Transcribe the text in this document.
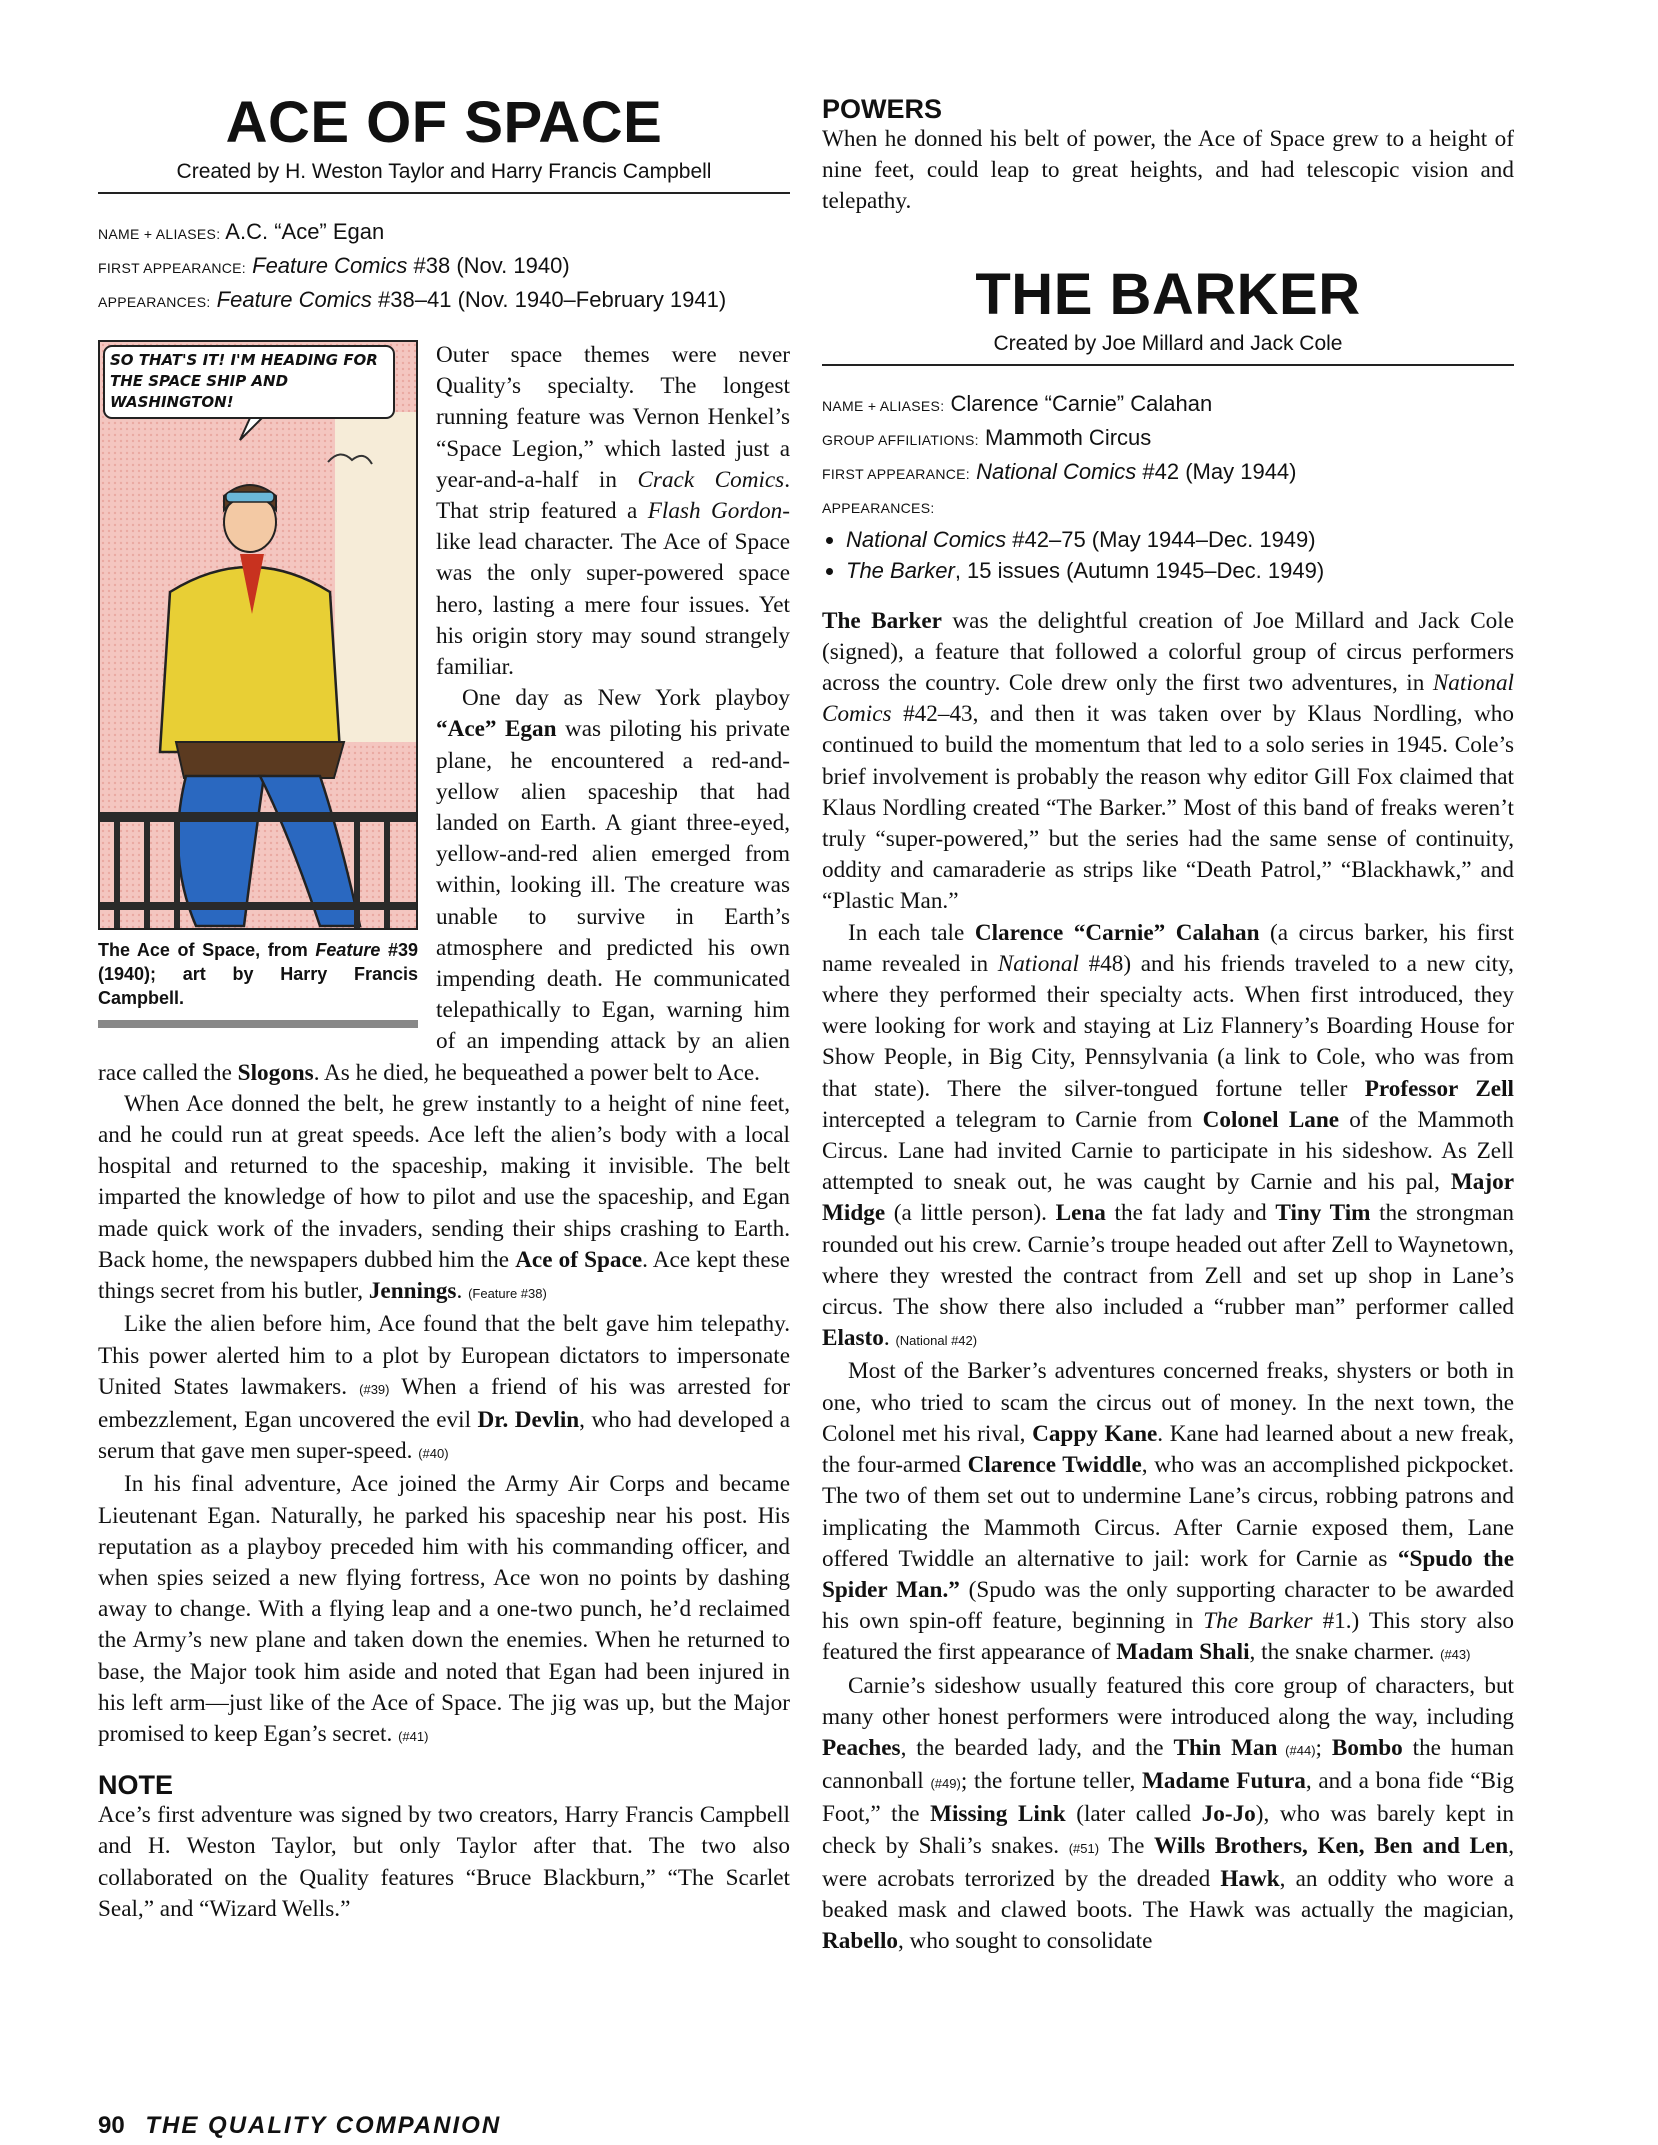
ACE OF SPACE
Created by H. Weston Taylor and Harry Francis Campbell
NAME + ALIASES: A.C. “Ace” Egan
FIRST APPEARANCE: Feature Comics #38 (Nov. 1940)
APPEARANCES: Feature Comics #38–41 (Nov. 1940–February 1941)
SO THAT'S IT! I'M HEADING FOR THE SPACE SHIP AND WASHINGTON!
The Ace of Space, from Feature #39 (1940); art by Harry Francis Campbell.

Outer space themes were never Quality’s specialty. The longest running feature was Vernon Henkel’s “Space Legion,” which lasted just a year-and-a-half in Crack Comics. That strip featured a Flash Gordon-like lead character. The Ace of Space was the only super-powered space hero, lasting a mere four issues. Yet his origin story may sound strangely familiar.

One day as New York playboy “Ace” Egan was piloting his private plane, he encountered a red-and-yellow alien spaceship that had landed on Earth. A giant three-eyed, yellow-and-red alien emerged from within, looking ill. The creature was unable to survive in Earth’s atmosphere and predicted his own impending death. He communicated telepathically to Egan, warning him of an impending attack by an alien race called the Slogons. As he died, he bequeathed a power belt to Ace.

When Ace donned the belt, he grew instantly to a height of nine feet, and he could run at great speeds. Ace left the alien’s body with a local hospital and returned to the spaceship, making it invisible. The belt imparted the knowledge of how to pilot and use the spaceship, and Egan made quick work of the invaders, sending their ships crashing to Earth. Back home, the newspapers dubbed him the Ace of Space. Ace kept these things secret from his butler, Jennings. (Feature #38)

Like the alien before him, Ace found that the belt gave him telepathy. This power alerted him to a plot by European dictators to impersonate United States lawmakers. (#39) When a friend of his was arrested for embezzlement, Egan uncovered the evil Dr. Devlin, who had developed a serum that gave men super-speed. (#40)

In his final adventure, Ace joined the Army Air Corps and became Lieutenant Egan. Naturally, he parked his spaceship near his post. His reputation as a playboy preceded him with his commanding officer, and when spies seized a new flying fortress, Ace won no points by dashing away to change. With a flying leap and a one-two punch, he’d reclaimed the Army’s new plane and taken down the enemies. When he returned to base, the Major took him aside and noted that Egan had been injured in his left arm—just like of the Ace of Space. The jig was up, but the Major promised to keep Egan’s secret. (#41)

NOTE

Ace’s first adventure was signed by two creators, Harry Francis Campbell and H. Weston Taylor, but only Taylor after that. The two also collaborated on the Quality features “Bruce Blackburn,” “The Scarlet Seal,” and “Wizard Wells.”

POWERS

When he donned his belt of power, the Ace of Space grew to a height of nine feet, could leap to great heights, and had telescopic vision and telepathy.

THE BARKER
Created by Joe Millard and Jack Cole
NAME + ALIASES: Clarence “Carnie” Calahan
GROUP AFFILIATIONS: Mammoth Circus
FIRST APPEARANCE: National Comics #42 (May 1944)
APPEARANCES:
• National Comics #42–75 (May 1944–Dec. 1949)
• The Barker, 15 issues (Autumn 1945–Dec. 1949)

The Barker was the delightful creation of Joe Millard and Jack Cole (signed), a feature that followed a colorful group of circus performers across the country. Cole drew only the first two adventures, in National Comics #42–43, and then it was taken over by Klaus Nordling, who continued to build the momentum that led to a solo series in 1945. Cole’s brief involvement is probably the reason why editor Gill Fox claimed that Klaus Nordling created “The Barker.” Most of this band of freaks weren’t truly “super-powered,” but the series had the same sense of continuity, oddity and camaraderie as strips like “Death Patrol,” “Blackhawk,” and “Plastic Man.”

In each tale Clarence “Carnie” Calahan (a circus barker, his first name revealed in National #48) and his friends traveled to a new city, where they performed their specialty acts. When first introduced, they were looking for work and staying at Liz Flannery’s Boarding House for Show People, in Big City, Pennsylvania (a link to Cole, who was from that state). There the silver-tongued fortune teller Professor Zell intercepted a telegram to Carnie from Colonel Lane of the Mammoth Circus. Lane had invited Carnie to participate in his sideshow. As Zell attempted to sneak out, he was caught by Carnie and his pal, Major Midge (a little person). Lena the fat lady and Tiny Tim the strongman rounded out his crew. Carnie’s troupe headed out after Zell to Waynetown, where they wrested the contract from Zell and set up shop in Lane’s circus. The show there also included a “rubber man” performer called Elasto. (National #42)

Most of the Barker’s adventures concerned freaks, shysters or both in one, who tried to scam the circus out of money. In the next town, the Colonel met his rival, Cappy Kane. Kane had learned about a new freak, the four-armed Clarence Twiddle, who was an accomplished pickpocket. The two of them set out to undermine Lane’s circus, robbing patrons and implicating the Mammoth Circus. After Carnie exposed them, Lane offered Twiddle an alternative to jail: work for Carnie as “Spudo the Spider Man.” (Spudo was the only supporting character to be awarded his own spin-off feature, beginning in The Barker #1.) This story also featured the first appearance of Madam Shali, the snake charmer. (#43)

Carnie’s sideshow usually featured this core group of characters, but many other honest performers were introduced along the way, including Peaches, the bearded lady, and the Thin Man (#44); Bombo the human cannonball (#49); the fortune teller, Madame Futura, and a bona fide “Big Foot,” the Missing Link (later called Jo-Jo), who was barely kept in check by Shali’s snakes. (#51) The Wills Brothers, Ken, Ben and Len, were acrobats terrorized by the dreaded Hawk, an oddity who wore a beaked mask and clawed boots. The Hawk was actually the magician, Rabello, who sought to consolidate

90 THE QUALITY COMPANION
